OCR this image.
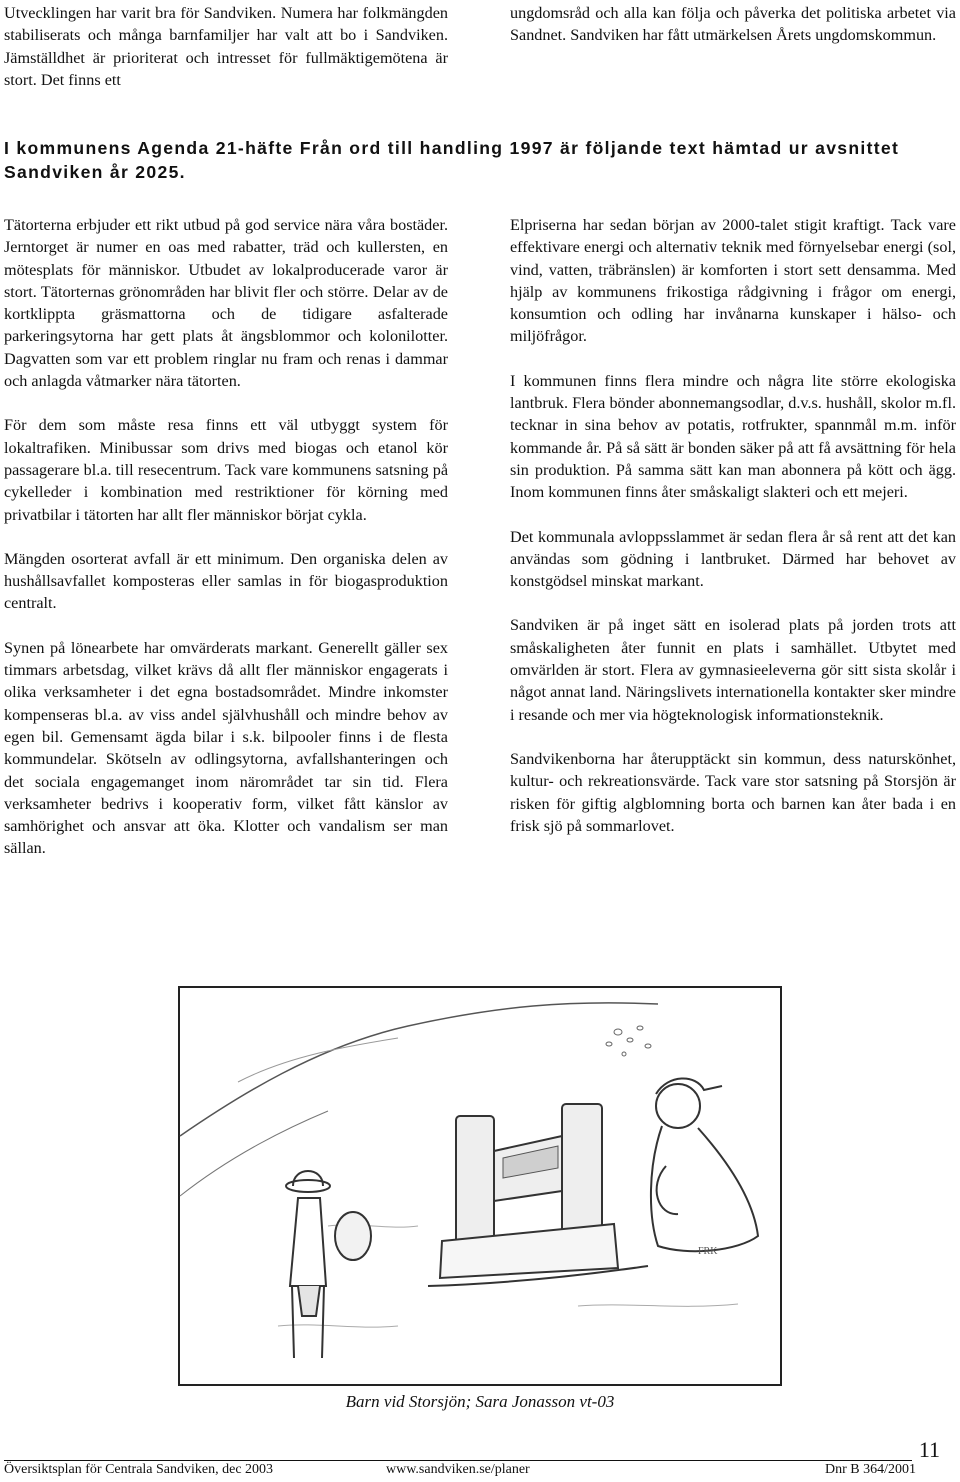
Utvecklingen har varit bra för Sandviken. Numera har folkmängden stabiliserats och många barnfamiljer har valt att bo i Sandviken. Jämställdhet är prioriterat och intresset för fullmäktigemötena är stort. Det finns ett

ungdomsråd och alla kan följa och påverka det politiska arbetet via Sandnet. Sandviken har fått utmärkelsen Årets ungdomskommun.

I kommunens Agenda 21-häfte Från ord till handling 1997 är följande text hämtad ur avsnittet Sandviken år 2025.

Tätorterna erbjuder ett rikt utbud på god service nära våra bostäder. Jerntorget är numer en oas med rabatter, träd och kullersten, en mötesplats för människor. Utbudet av lokalproducerade varor är stort. Tätorternas grönområden har blivit fler och större. Delar av de kortklippta gräsmattorna och de tidigare asfalterade parkeringsytorna har gett plats åt ängsblommor och kolonilotter. Dagvatten som var ett problem ringlar nu fram och renas i dammar och anlagda våtmarker nära tätorten.

För dem som måste resa finns ett väl utbyggt system för lokaltrafiken. Minibussar som drivs med biogas och etanol kör passagerare bl.a. till resecentrum. Tack vare kommunens satsning på cykelleder i kombination med restriktioner för körning med privatbilar i tätorten har allt fler människor börjat cykla.

Mängden osorterat avfall är ett minimum. Den organiska delen av hushållsavfallet komposteras eller samlas in för biogasproduktion centralt.

Synen på lönearbete har omvärderats markant. Generellt gäller sex timmars arbetsdag, vilket krävs då allt fler människor engagerats i olika verksamheter i det egna bostadsområdet. Mindre inkomster kompenseras bl.a. av viss andel självhushåll och mindre behov av egen bil. Gemensamt ägda bilar i s.k. bilpooler finns i de flesta kommundelar. Skötseln av odlingsytorna, avfallshanteringen och det sociala engagemanget inom närområdet tar sin tid. Flera verksamheter bedrivs i kooperativ form, vilket fått känslor av samhörighet och ansvar att öka. Klotter och vandalism ser man sällan.

Elpriserna har sedan början av 2000-talet stigit kraftigt. Tack vare effektivare energi och alternativ teknik med förnyelsebar energi (sol, vind, vatten, träbränslen) är komforten i stort sett densamma. Med hjälp av kommunens frikostiga rådgivning i frågor om energi, konsumtion och odling har invånarna kunskaper i hälso- och miljöfrågor.

I kommunen finns flera mindre och några lite större ekologiska lantbruk. Flera bönder abonnemangsodlar, d.v.s. hushåll, skolor m.fl. tecknar in sina behov av potatis, rotfrukter, spannmål m.m. inför kommande år. På så sätt är bonden säker på att få avsättning för hela sin produktion. På samma sätt kan man abonnera på kött och ägg. Inom kommunen finns åter småskaligt slakteri och ett mejeri.

Det kommunala avloppsslammet är sedan flera år så rent att det kan användas som gödning i lantbruket. Därmed har behovet av konstgödsel minskat markant.

Sandviken är på inget sätt en isolerad plats på jorden trots att småskaligheten åter funnit en plats i samhället. Utbytet med omvärlden är stort. Flera av gymnasieeleverna gör sitt sista skolår i något annat land. Näringslivets internationella kontakter sker mindre i resande och mer via högteknologisk informationsteknik.

Sandvikenborna har återupptäckt sin kommun, dess naturskönhet, kultur- och rekreationsvärde. Tack vare stor satsning på Storsjön är risken för giftig algblomning borta och barnen kan åter bada i en frisk sjö på sommarlovet.

FRK
Barn vid Storsjön; Sara Jonasson vt-03
11
Översiktsplan för Centrala Sandviken, dec 2003	www.sandviken.se/planer	Dnr B 364/2001
